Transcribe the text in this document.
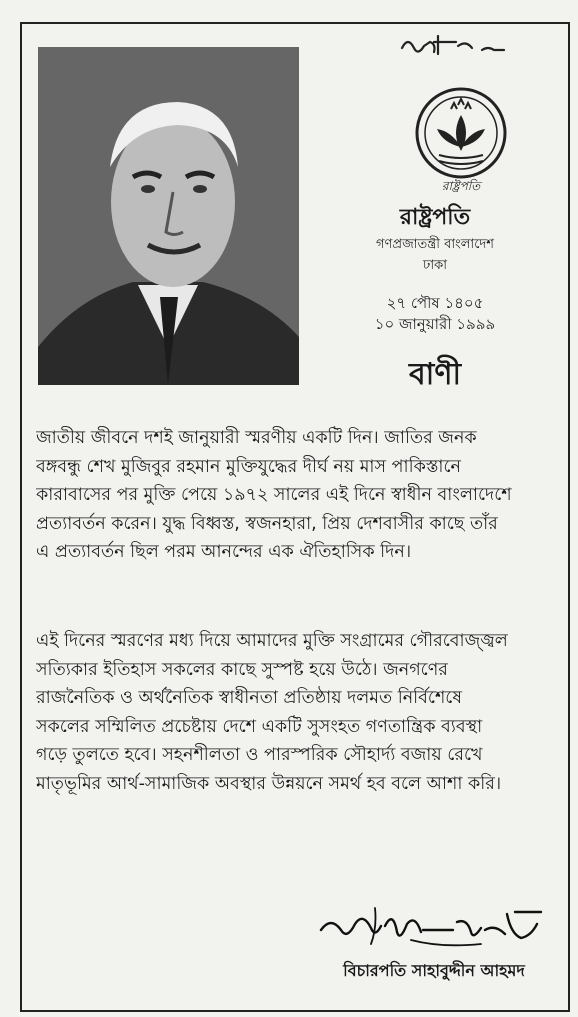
রাষ্ট্রপতি
রাষ্ট্রপতি
গণপ্রজাতন্ত্রী বাংলাদেশ
ঢাকা
২৭ পৌষ ১৪০৫
১০ জানুয়ারী ১৯৯৯
বাণী
জাতীয় জীবনে দশই জানুয়ারী স্মরণীয় একটি দিন। জাতির জনক
বঙ্গবন্ধু শেখ মুজিবুর রহমান মুক্তিযুদ্ধের দীর্ঘ নয় মাস পাকিস্তানে
কারাবাসের পর মুক্তি পেয়ে ১৯৭২ সালের এই দিনে স্বাধীন বাংলাদেশে
প্রত্যাবর্তন করেন। যুদ্ধ বিধ্বস্ত, স্বজনহারা, প্রিয় দেশবাসীর কাছে তাঁর
এ প্রত্যাবর্তন ছিল পরম আনন্দের এক ঐতিহাসিক দিন।
এই দিনের স্মরণের মধ্য দিয়ে আমাদের মুক্তি সংগ্রামের গৌরবোজ্জ্বল
সত্যিকার ইতিহাস সকলের কাছে সুস্পষ্ট হয়ে উঠে। জনগণের
রাজনৈতিক ও অর্থনৈতিক স্বাধীনতা প্রতিষ্ঠায় দলমত নির্বিশেষে
সকলের সম্মিলিত প্রচেষ্টায় দেশে একটি সুসংহত গণতান্ত্রিক ব্যবস্থা
গড়ে তুলতে হবে। সহনশীলতা ও পারস্পরিক সৌহার্দ্য বজায় রেখে
মাতৃভূমির আর্থ-সামাজিক অবস্থার উন্নয়নে সমর্থ হব বলে আশা করি।
বিচারপতি সাহাবুদ্দীন আহমদ
